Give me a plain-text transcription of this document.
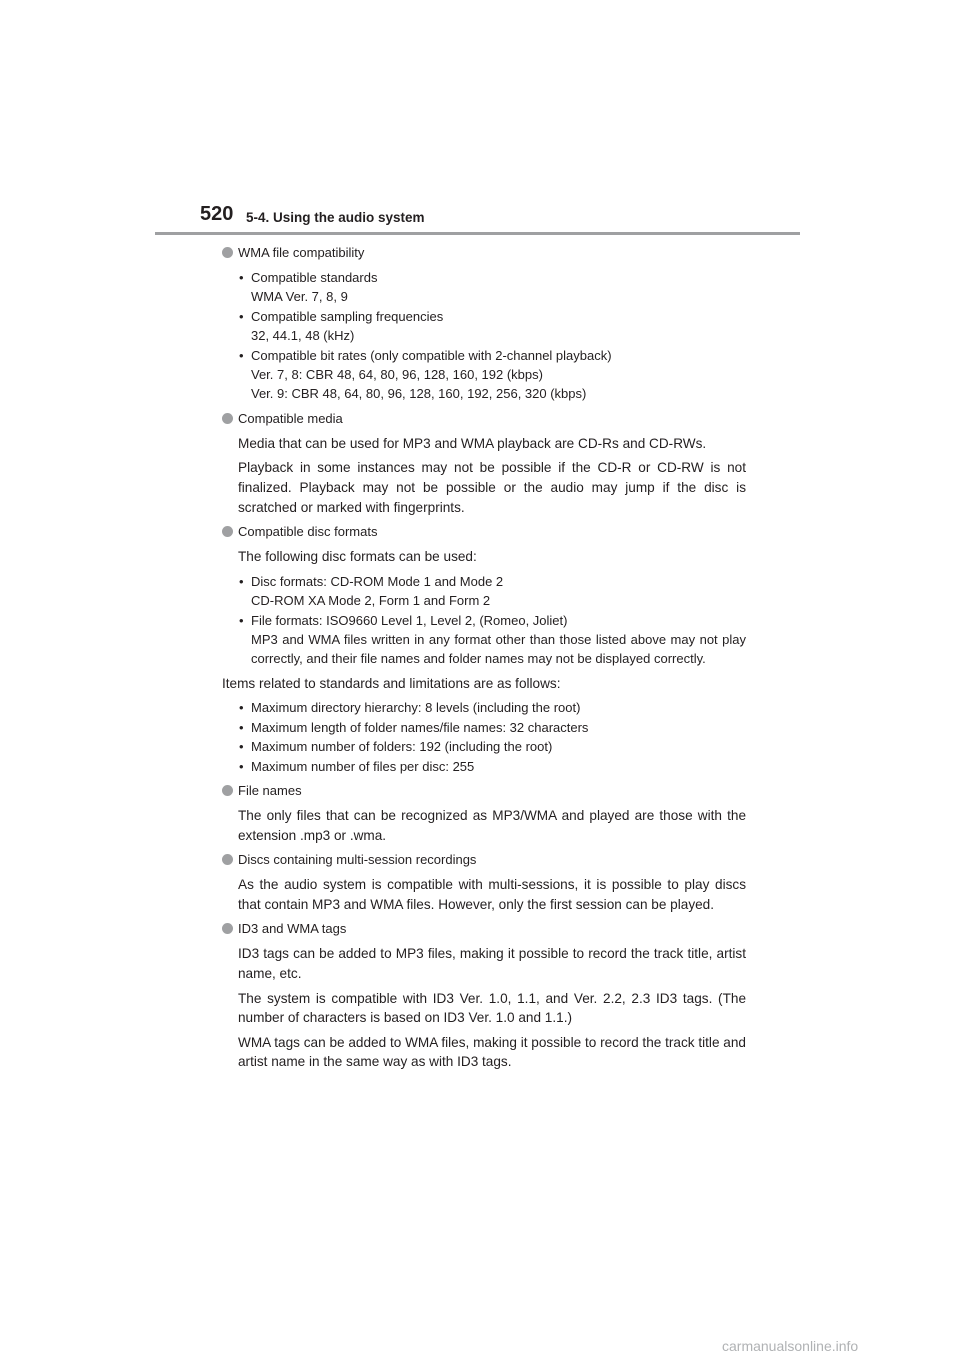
520 5-4. Using the audio system
WMA file compatibility
• Compatible standards
WMA Ver. 7, 8, 9
• Compatible sampling frequencies
32, 44.1, 48 (kHz)
• Compatible bit rates (only compatible with 2-channel playback)
Ver. 7, 8: CBR 48, 64, 80, 96, 128, 160, 192 (kbps)
Ver. 9: CBR 48, 64, 80, 96, 128, 160, 192, 256, 320 (kbps)
Compatible media
Media that can be used for MP3 and WMA playback are CD-Rs and CD-RWs.
Playback in some instances may not be possible if the CD-R or CD-RW is not finalized. Playback may not be possible or the audio may jump if the disc is scratched or marked with fingerprints.
Compatible disc formats
The following disc formats can be used:
• Disc formats: CD-ROM Mode 1 and Mode 2
CD-ROM XA Mode 2, Form 1 and Form 2
• File formats: ISO9660 Level 1, Level 2, (Romeo, Joliet)
MP3 and WMA files written in any format other than those listed above may not play correctly, and their file names and folder names may not be displayed correctly.
Items related to standards and limitations are as follows:
• Maximum directory hierarchy: 8 levels (including the root)
• Maximum length of folder names/file names: 32 characters
• Maximum number of folders: 192 (including the root)
• Maximum number of files per disc: 255
File names
The only files that can be recognized as MP3/WMA and played are those with the extension .mp3 or .wma.
Discs containing multi-session recordings
As the audio system is compatible with multi-sessions, it is possible to play discs that contain MP3 and WMA files. However, only the first session can be played.
ID3 and WMA tags
ID3 tags can be added to MP3 files, making it possible to record the track title, artist name, etc.
The system is compatible with ID3 Ver. 1.0, 1.1, and Ver. 2.2, 2.3 ID3 tags. (The number of characters is based on ID3 Ver. 1.0 and 1.1.)
WMA tags can be added to WMA files, making it possible to record the track title and artist name in the same way as with ID3 tags.
carmanualsonline.info
